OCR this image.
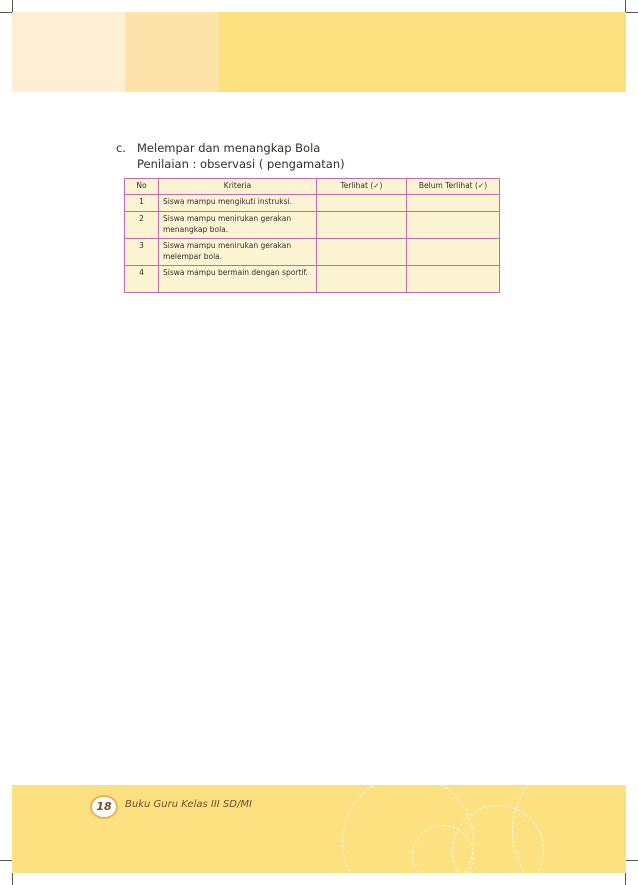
c. Melempar dan menangkap Bola
Penilaian : observasi ( pengamatan)
No	Kriteria	Terlihat (✓)	Belum Terlihat (✓)
1	Siswa mampu mengikuti instruksi.		
2	Siswa mampu menirukan gerakan menangkap bola.		
3	Siswa mampu menirukan gerakan melempar bola.		
4	Siswa mampu bermain dengan sportif.		
18	Buku Guru Kelas III SD/MI
